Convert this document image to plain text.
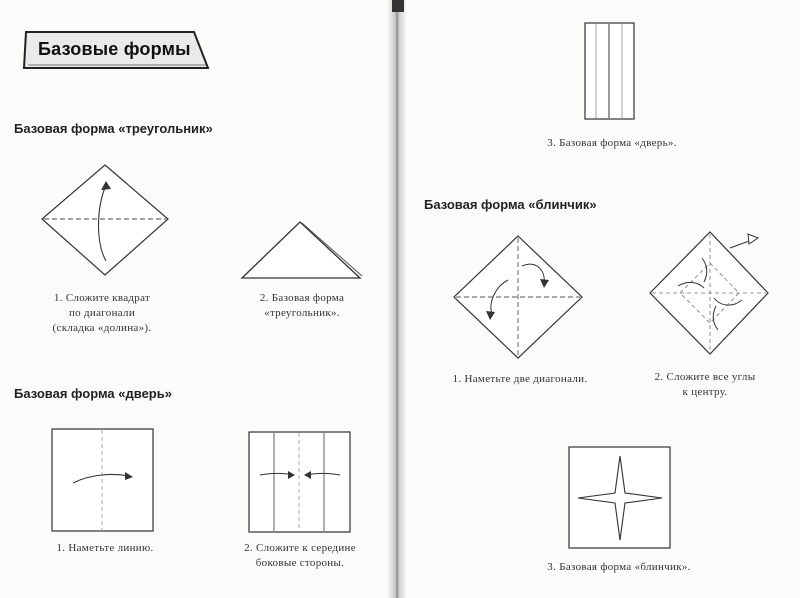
Базовые формы
Базовая форма «треугольник»
1. Сложите квадрат
по диагонали
(складка «долина»).
2. Базовая форма
«треугольник».
Базовая форма «дверь»
1. Наметьте линию.	2. Сложите к середине
боковые стороны.
3. Базовая форма «дверь».
Базовая форма «блинчик»
1. Наметьте две диагонали.	2. Сложите все углы
к центру.
3. Базовая форма «блинчик».
